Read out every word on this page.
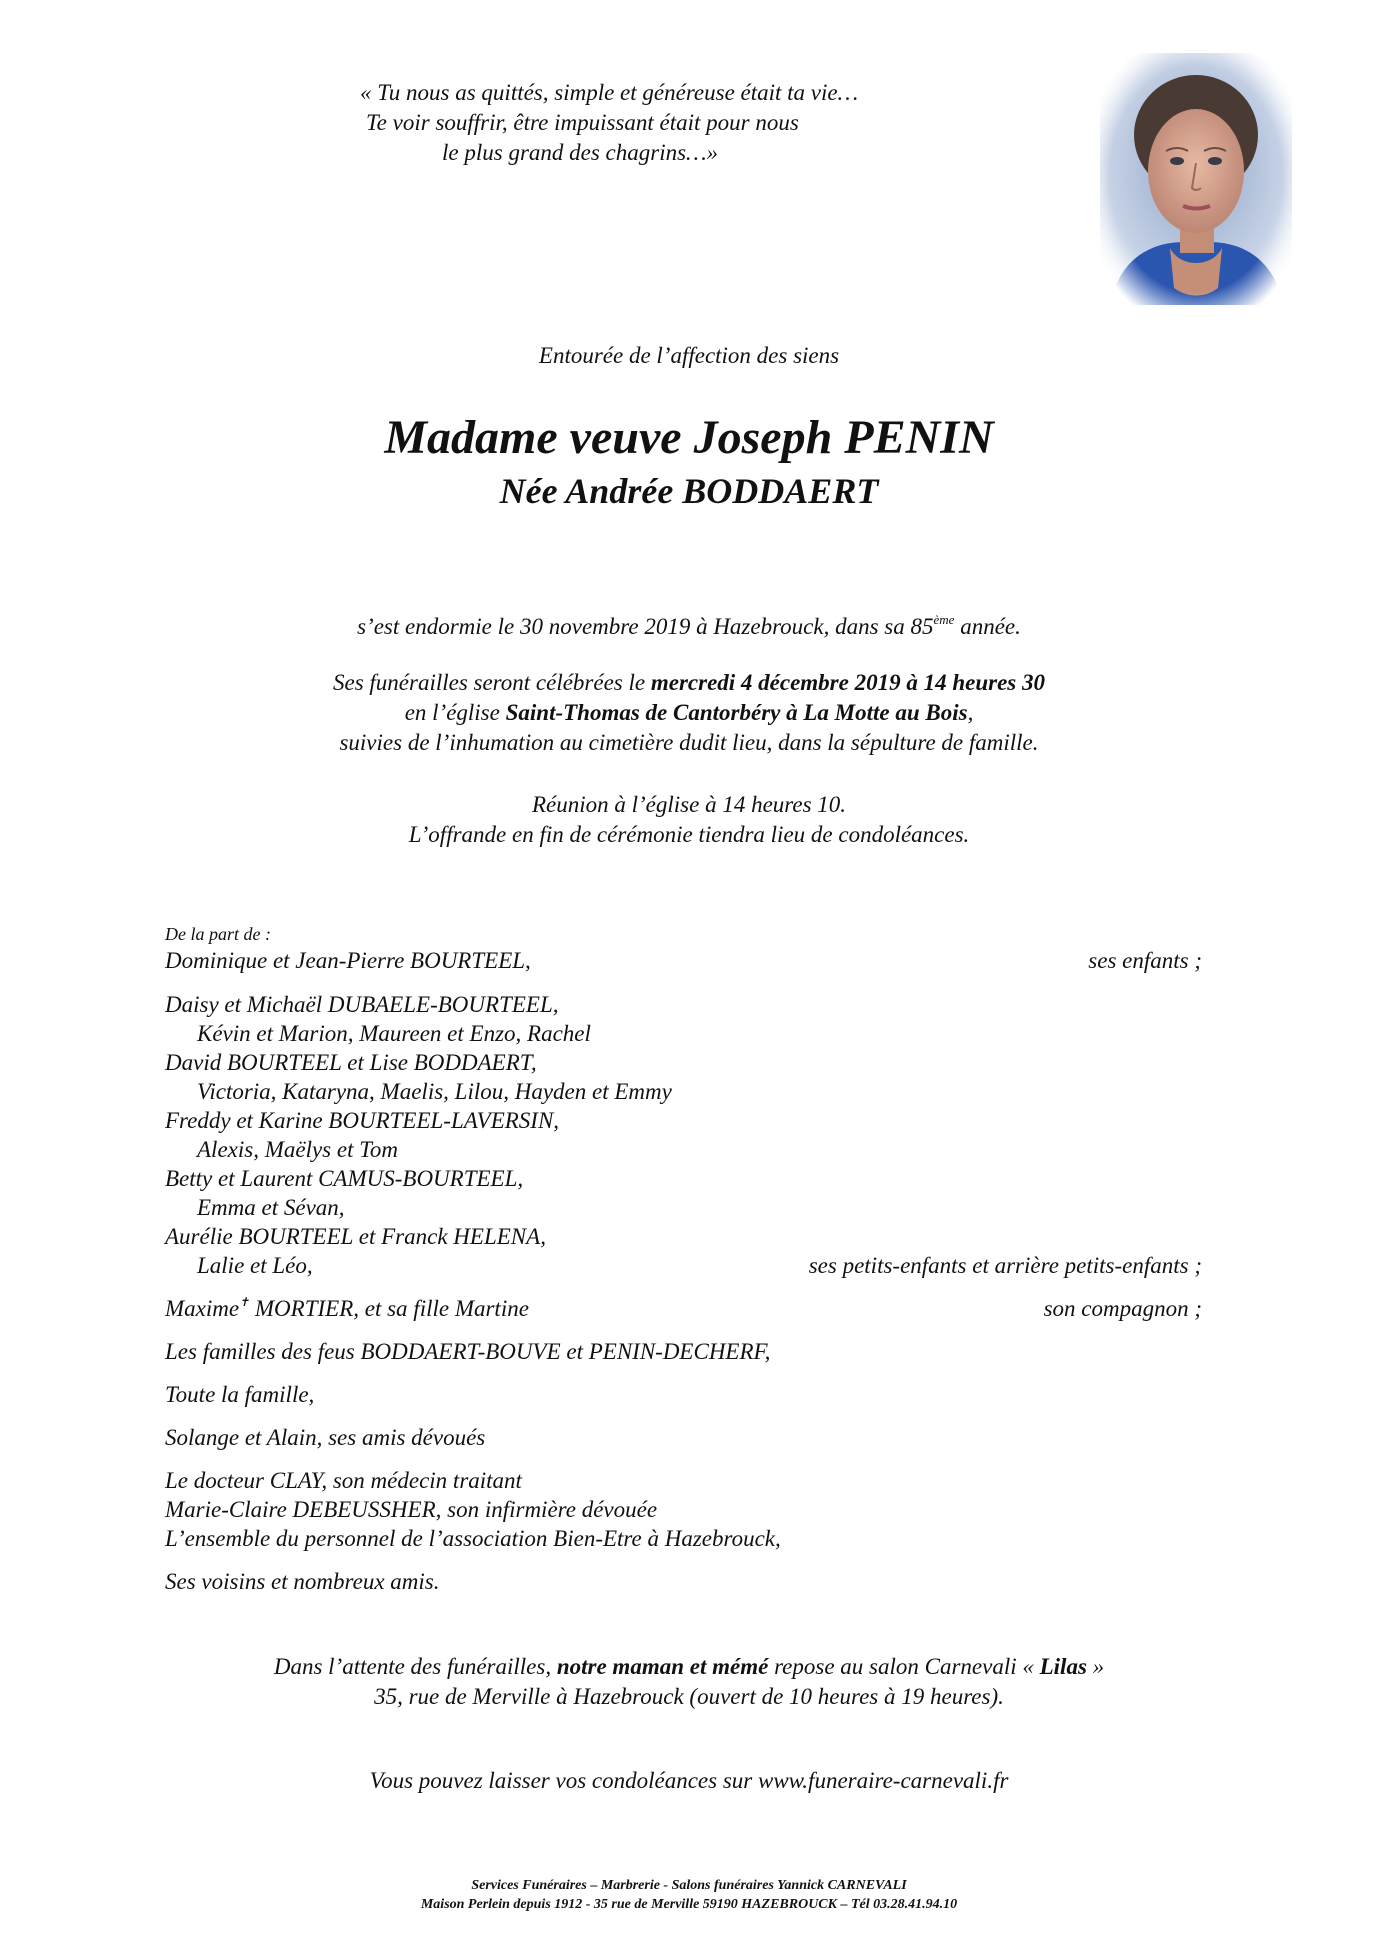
« Tu nous as quittés, simple et généreuse était ta vie…
Te voir souffrir, être impuissant était pour nous
le plus grand des chagrins…»
Entourée de l’affection des siens
Madame veuve Joseph PENIN
Née Andrée BODDAERT
s’est endormie le 30 novembre 2019 à Hazebrouck, dans sa 85ème année.
Ses funérailles seront célébrées le mercredi 4 décembre 2019 à 14 heures 30
en l’église Saint-Thomas de Cantorbéry à La Motte au Bois,
suivies de l’inhumation au cimetière dudit lieu, dans la sépulture de famille.
Réunion à l’église à 14 heures 10.
L’offrande en fin de cérémonie tiendra lieu de condoléances.
De la part de :
Dominique et Jean-Pierre BOURTEEL,	ses enfants ;
Daisy et Michaël DUBAELE-BOURTEEL,
Kévin et Marion, Maureen et Enzo, Rachel
David BOURTEEL et Lise BODDAERT,
Victoria, Kataryna, Maelis, Lilou, Hayden et Emmy
Freddy et Karine BOURTEEL-LAVERSIN,
Alexis, Maëlys et Tom
Betty et Laurent CAMUS-BOURTEEL,
Emma et Sévan,
Aurélie BOURTEEL et Franck HELENA,
Lalie et Léo,	ses petits-enfants et arrière petits-enfants ;
Maxime✝ MORTIER, et sa fille Martine	son compagnon ;
Les familles des feus BODDAERT-BOUVE et PENIN-DECHERF,
Toute la famille,
Solange et Alain, ses amis dévoués
Le docteur CLAY, son médecin traitant
Marie-Claire DEBEUSSHER, son infirmière dévouée
L’ensemble du personnel de l’association Bien-Etre à Hazebrouck,
Ses voisins et nombreux amis.
Dans l’attente des funérailles, notre maman et mémé repose au salon Carnevali « Lilas »
35, rue de Merville à Hazebrouck (ouvert de 10 heures à 19 heures).
Vous pouvez laisser vos condoléances sur www.funeraire-carnevali.fr
Services Funéraires – Marbrerie - Salons funéraires Yannick CARNEVALI
Maison Perlein depuis 1912 - 35 rue de Merville 59190 HAZEBROUCK – Tél 03.28.41.94.10
